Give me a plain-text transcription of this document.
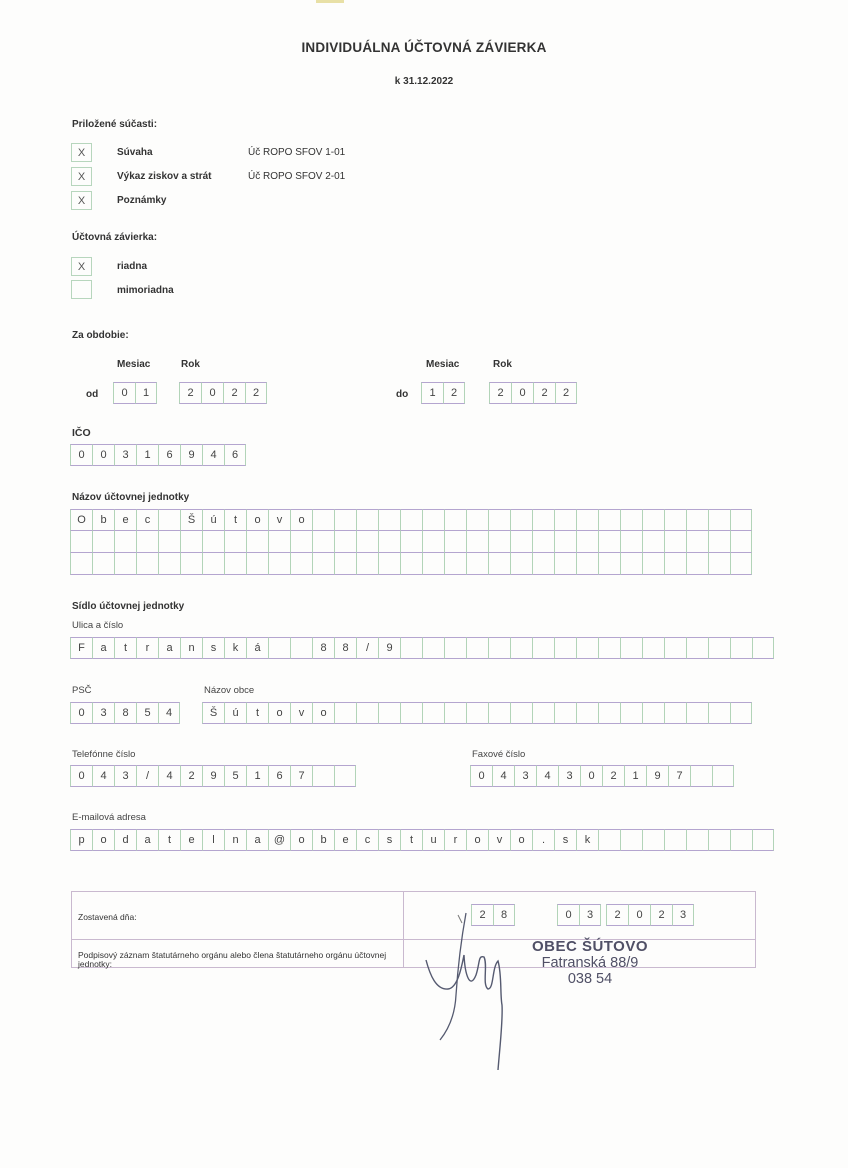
INDIVIDUÁLNA ÚČTOVNÁ ZÁVIERKA
k 31.12.2022
Priložené súčasti:
X	Súvaha	Úč ROPO SFOV 1-01
X	Výkaz ziskov a strát	Úč ROPO SFOV 2-01
X	Poznámky
Účtovná závierka:
X	riadna
mimoriadna
Za obdobie:
Mesiac	Rok	Mesiac	Rok
od	0	1	2	0	2	2	do	1	2	2	0	2	2
IČO
0	0	3	1	6	9	4	6
Názov účtovnej jednotky
O	b	e	c	Š	ú	t	o	v	o
Sídlo účtovnej jednotky
Ulica a číslo
F	a	t	r	a	n	s	k	á	8	8	/	9
PSČ
0	3	8	5	4
Názov obce
Š	ú	t	o	v	o
Telefónne číslo
0	4	3	/	4	2	9	5	1	6	7
Faxové číslo
0	4	3	4	3	0	2	1	9	7
E-mailová adresa
p	o	d	a	t	e	l	n	a	@	o	b	e	c	s	t	u	r	o	v	o	.	s	k
Zostavená dňa:
Podpisový záznam štatutárneho orgánu alebo člena štatutárneho orgánu účtovnej jednotky:
2	8	0	3	2	0	2	3
OBEC ŠÚTOVO
Fatranská 88/9
038 54
